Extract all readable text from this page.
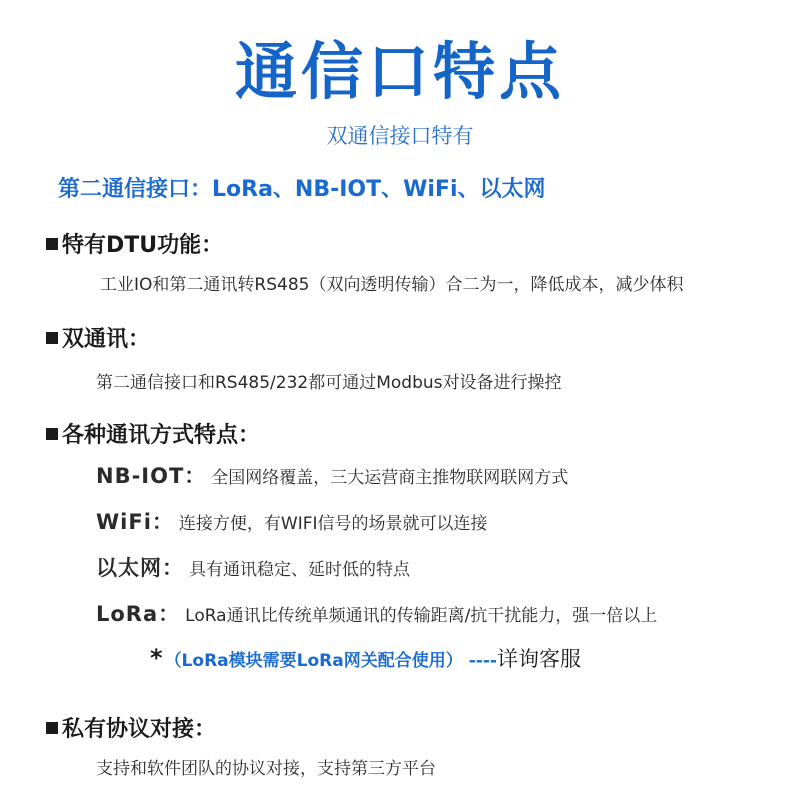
通信口特点
双通信接口特有
第二通信接口：LoRa、NB-IOT、WiFi、以太网
特有DTU功能：
工业IO和第二通讯转RS485（双向透明传输）合二为一，降低成本，减少体积
双通讯：
第二通信接口和RS485/232都可通过Modbus对设备进行操控
各种通讯方式特点：
NB-IOT ： 全国网络覆盖，三大运营商主推物联网联网方式
WiFi ： 连接方便，有WIFI信号的场景就可以连接
以太网 ： 具有通讯稳定、延时低的特点
LoRa ： LoRa通讯比传统单频通讯的传输距离/抗干扰能力，强一倍以上
* （LoRa模块需要LoRa网关配合使用） ---- 详询客服
私有协议对接：
支持和软件团队的协议对接，支持第三方平台
